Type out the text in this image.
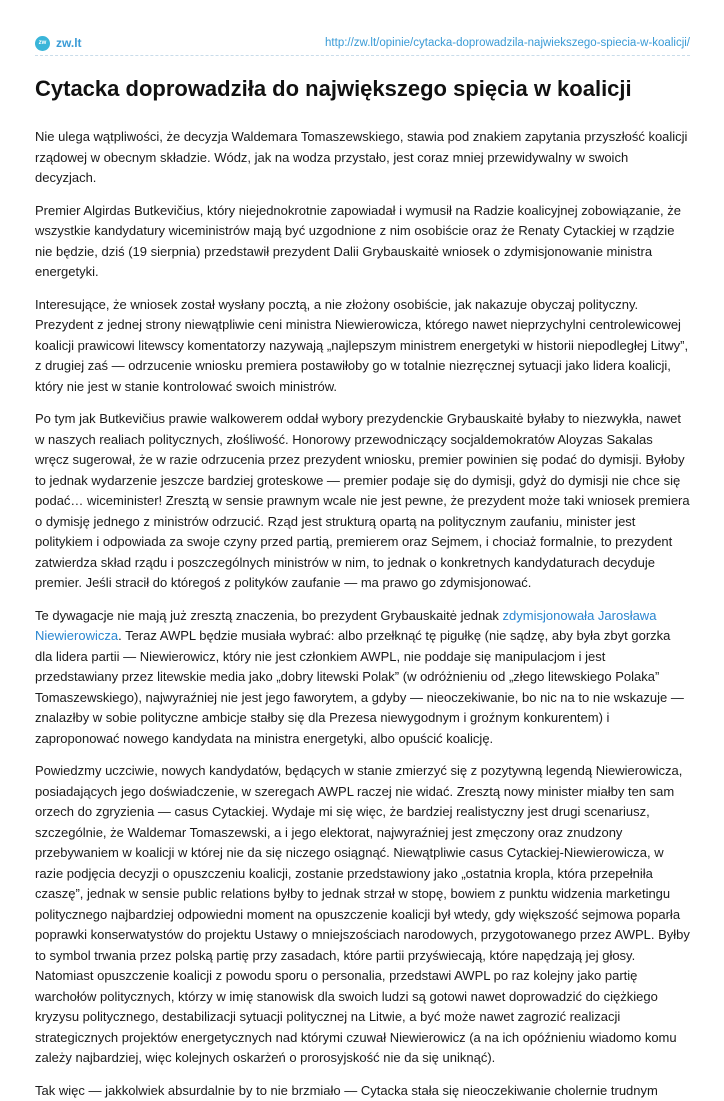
zw zw.lt	http://zw.lt/opinie/cytacka-doprowadzila-najwiekszego-spiecia-w-koalicji/
Cytacka doprowadziła do największego spięcia w koalicji

Nie ulega wątpliwości, że decyzja Waldemara Tomaszewskiego, stawia pod znakiem zapytania przyszłość koalicji rządowej w obecnym składzie. Wódz, jak na wodza przystało, jest coraz mniej przewidywalny w swoich decyzjach.

Premier Algirdas Butkevičius, który niejednokrotnie zapowiadał i wymusił na Radzie koalicyjnej zobowiązanie, że wszystkie kandydatury wiceministrów mają być uzgodnione z nim osobiście oraz że Renaty Cytackiej w rządzie nie będzie, dziś (19 sierpnia) przedstawił prezydent Dalii Grybauskaitė wniosek o zdymisjonowanie ministra energetyki.

Interesujące, że wniosek został wysłany pocztą, a nie złożony osobiście, jak nakazuje obyczaj polityczny. Prezydent z jednej strony niewątpliwie ceni ministra Niewierowicza, którego nawet nieprzychylni centrolewicowej koalicji prawicowi litewscy komentatorzy nazywają „najlepszym ministrem energetyki w historii niepodległej Litwy”, z drugiej zaś — odrzucenie wniosku premiera postawiłoby go w totalnie niezręcznej sytuacji jako lidera koalicji, który nie jest w stanie kontrolować swoich ministrów.

Po tym jak Butkevičius prawie walkowerem oddał wybory prezydenckie Grybauskaitė byłaby to niezwykła, nawet w naszych realiach politycznych, złośliwość. Honorowy przewodniczący socjaldemokratów Aloyzas Sakalas wręcz sugerował, że w razie odrzucenia przez prezydent wniosku, premier powinien się podać do dymisji. Byłoby to jednak wydarzenie jeszcze bardziej groteskowe — premier podaje się do dymisji, gdyż do dymisji nie chce się podać… wiceminister! Zresztą w sensie prawnym wcale nie jest pewne, że prezydent może taki wniosek premiera o dymisję jednego z ministrów odrzucić. Rząd jest strukturą opartą na politycznym zaufaniu, minister jest politykiem i odpowiada za swoje czyny przed partią, premierem oraz Sejmem, i chociaż formalnie, to prezydent zatwierdza skład rządu i poszczególnych ministrów w nim, to jednak o konkretnych kandydaturach decyduje premier. Jeśli stracił do któregoś z polityków zaufanie — ma prawo go zdymisjonować.

Te dywagacje nie mają już zresztą znaczenia, bo prezydent Grybauskaitė jednak zdymisjonowała Jarosława Niewierowicza. Teraz AWPL będzie musiała wybrać: albo przełknąć tę pigułkę (nie sądzę, aby była zbyt gorzka dla lidera partii — Niewierowicz, który nie jest członkiem AWPL, nie poddaje się manipulacjom i jest przedstawiany przez litewskie media jako „dobry litewski Polak” (w odróżnieniu od „złego litewskiego Polaka” Tomaszewskiego), najwyraźniej nie jest jego faworytem, a gdyby — nieoczekiwanie, bo nic na to nie wskazuje — znalazłby w sobie polityczne ambicje stałby się dla Prezesa niewygodnym i groźnym konkurentem) i zaproponować nowego kandydata na ministra energetyki, albo opuścić koalicję.

Powiedzmy uczciwie, nowych kandydatów, będących w stanie zmierzyć się z pozytywną legendą Niewierowicza, posiadających jego doświadczenie, w szeregach AWPL raczej nie widać. Zresztą nowy minister miałby ten sam orzech do zgryzienia — casus Cytackiej. Wydaje mi się więc, że bardziej realistyczny jest drugi scenariusz, szczególnie, że Waldemar Tomaszewski, a i jego elektorat, najwyraźniej jest zmęczony oraz znudzony przebywaniem w koalicji w której nie da się niczego osiągnąć. Niewątpliwie casus Cytackiej-Niewierowicza, w razie podjęcia decyzji o opuszczeniu koalicji, zostanie przedstawiony jako „ostatnia kropla, która przepełniła czaszę”, jednak w sensie public relations byłby to jednak strzał w stopę, bowiem z punktu widzenia marketingu politycznego najbardziej odpowiedni moment na opuszczenie koalicji był wtedy, gdy większość sejmowa poparła poprawki konserwatystów do projektu Ustawy o mniejszościach narodowych, przygotowanego przez AWPL. Byłby to symbol trwania przez polską partię przy zasadach, które partii przyświecają, które napędzają jej głosy. Natomiast opuszczenie koalicji z powodu sporu o personalia, przedstawi AWPL po raz kolejny jako partię warchołów politycznych, którzy w imię stanowisk dla swoich ludzi są gotowi nawet doprowadzić do ciężkiego kryzysu politycznego, destabilizacji sytuacji politycznej na Litwie, a być może nawet zagrozić realizacji strategicznych projektów energetycznych nad którymi czuwał Niewierowicz (a na ich opóźnieniu wiadomo komu zależy najbardziej, więc kolejnych oskarżeń o prorosyjskość nie da się uniknąć).

Tak więc — jakkolwiek absurdalnie by to nie brzmiało — Cytacka stała się nieoczekiwanie cholernie trudnym
